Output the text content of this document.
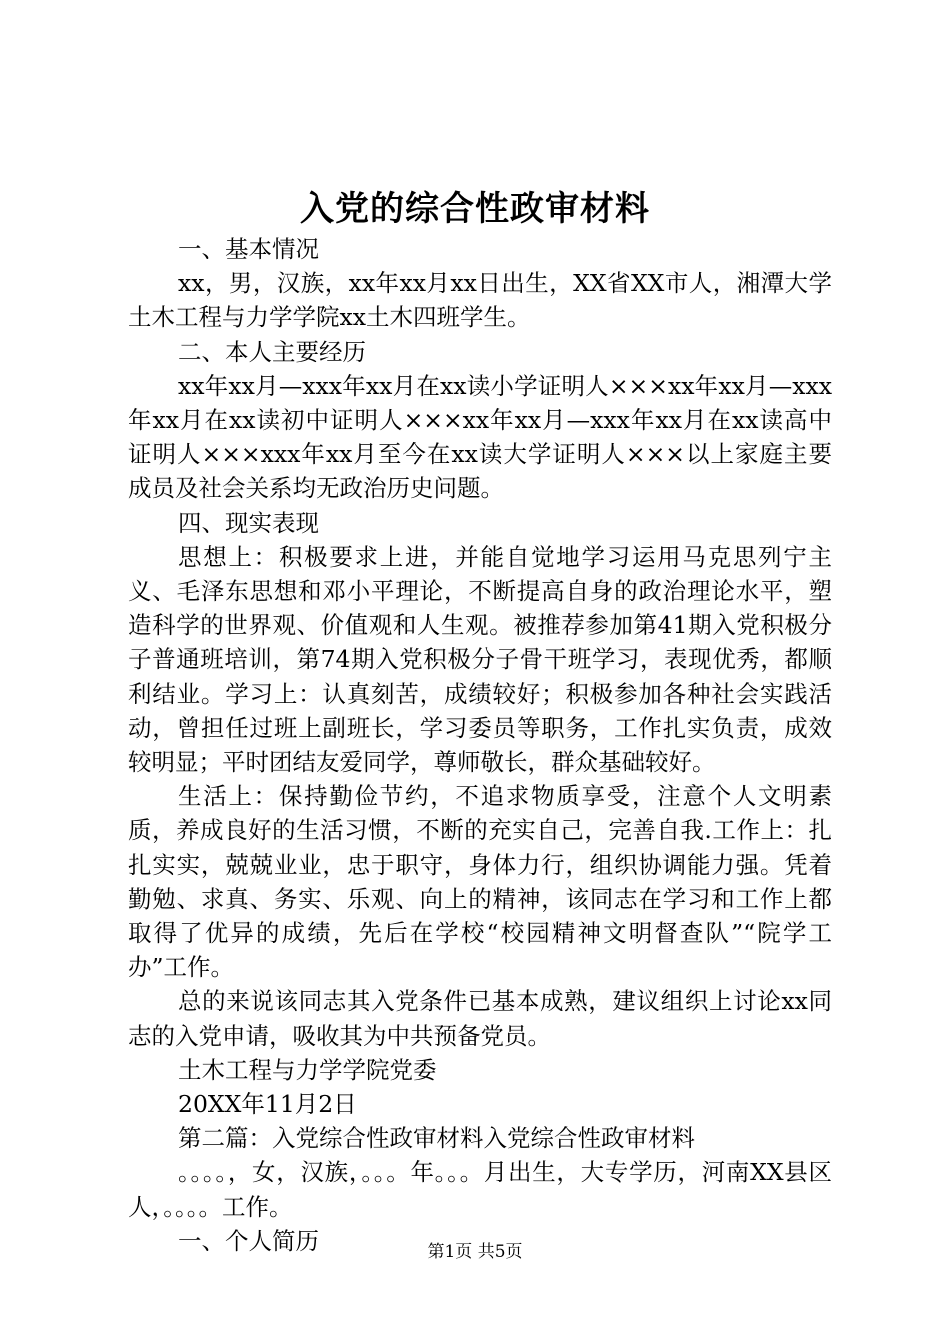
入党的综合性政审材料

一、基本情况

xx，男，汉族，xx年xx月xx日出生，XX省XX市人，湘潭大学土木工程与力学学院xx土木四班学生。

二、本人主要经历

xx年xx月—xxx年xx月在xx读小学证明人×××xx年xx月—xxx年xx月在xx读初中证明人×××xx年xx月—xxx年xx月在xx读高中证明人×××xxx年xx月至今在xx读大学证明人×××以上家庭主要成员及社会关系均无政治历史问题。

四、现实表现

思想上：积极要求上进，并能自觉地学习运用马克思列宁主义、毛泽东思想和邓小平理论，不断提高自身的政治理论水平，塑造科学的世界观、价值观和人生观。被推荐参加第41期入党积极分子普通班培训，第74期入党积极分子骨干班学习，表现优秀，都顺利结业。学习上：认真刻苦，成绩较好；积极参加各种社会实践活动，曾担任过班上副班长，学习委员等职务，工作扎实负责，成效较明显；平时团结友爱同学，尊师敬长，群众基础较好。

生活上：保持勤俭节约，不追求物质享受，注意个人文明素质，养成良好的生活习惯，不断的充实自己，完善自我.工作上：扎扎实实，兢兢业业，忠于职守，身体力行，组织协调能力强。凭着勤勉、求真、务实、乐观、向上的精神，该同志在学习和工作上都取得了优异的成绩，先后在学校“校园精神文明督查队”“院学工办”工作。

总的来说该同志其入党条件已基本成熟，建议组织上讨论xx同志的入党申请，吸收其为中共预备党员。

土木工程与力学学院党委

20XX年11月2日

第二篇：入党综合性政审材料入党综合性政审材料

。。。。，女，汉族，。。。年。。。月出生，大专学历，河南XX县区人，。。。。工作。

一、个人简历	第1页 共5页
